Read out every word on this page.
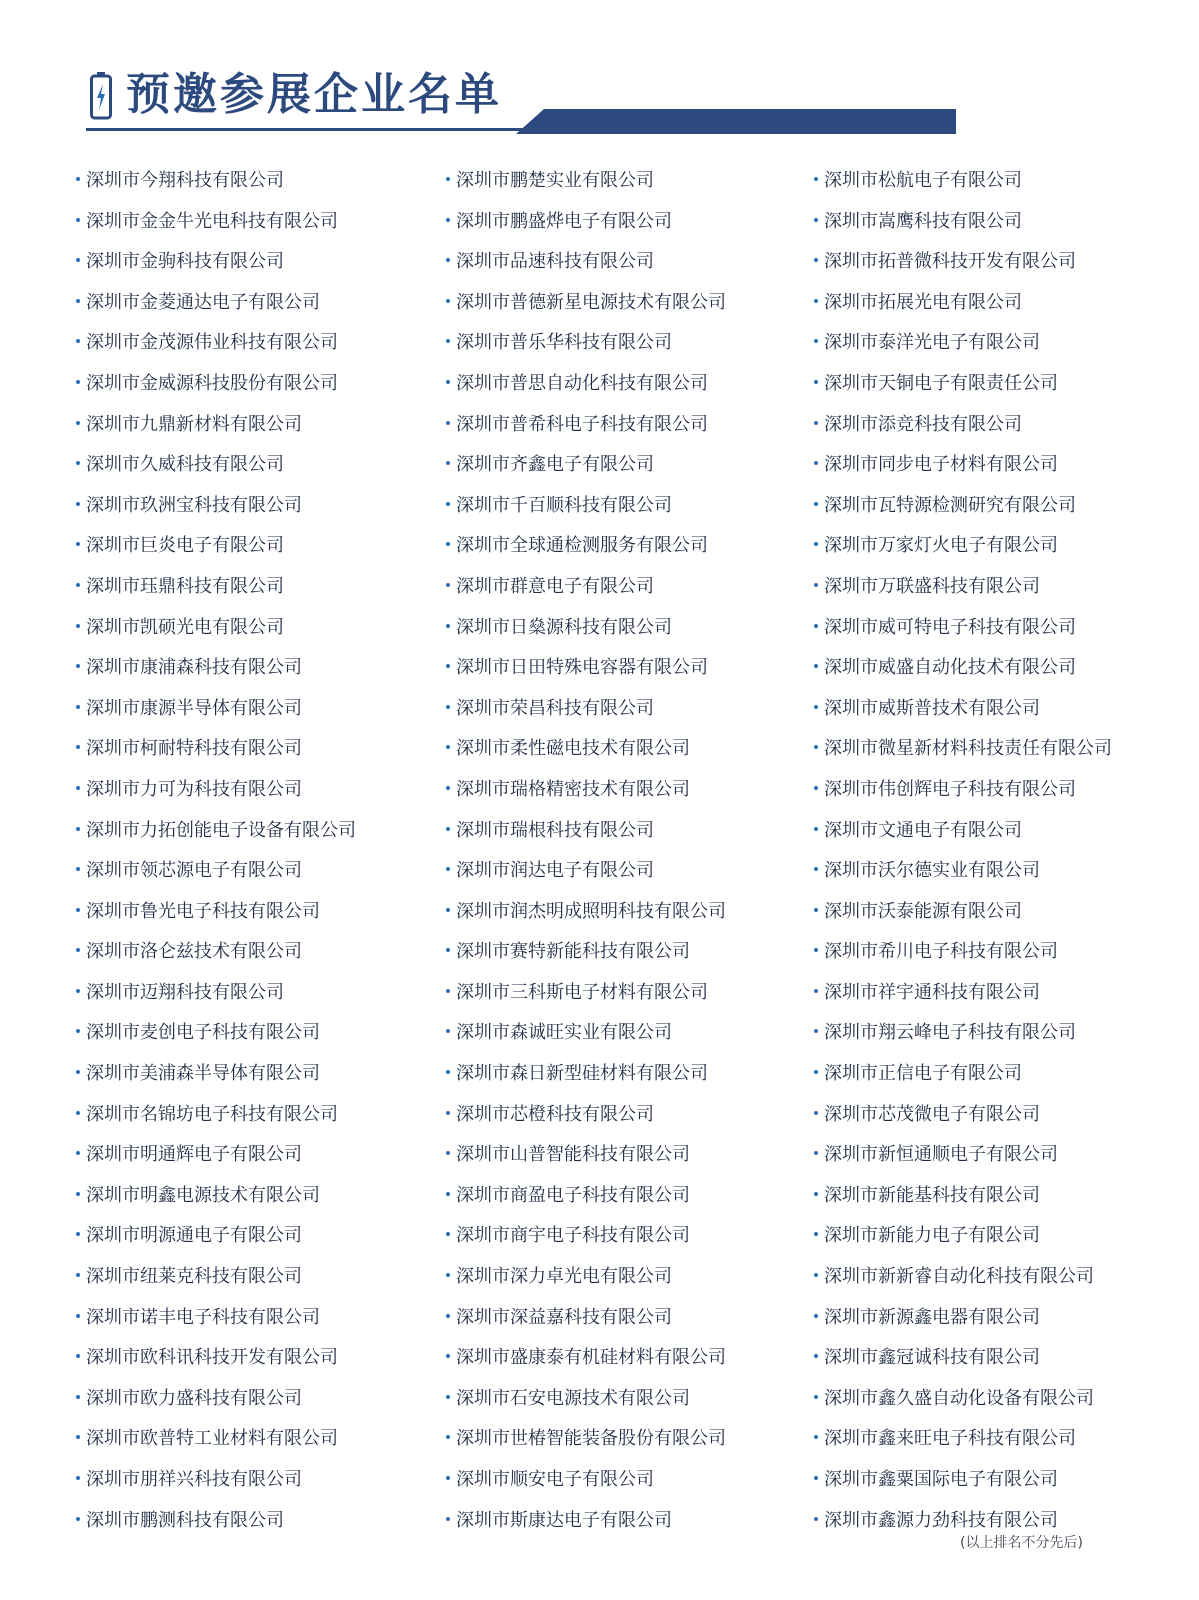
预邀参展企业名单
深圳市今翔科技有限公司
深圳市金金牛光电科技有限公司
深圳市金驹科技有限公司
深圳市金菱通达电子有限公司
深圳市金茂源伟业科技有限公司
深圳市金威源科技股份有限公司
深圳市九鼎新材料有限公司
深圳市久威科技有限公司
深圳市玖洲宝科技有限公司
深圳市巨炎电子有限公司
深圳市珏鼎科技有限公司
深圳市凯硕光电有限公司
深圳市康浦森科技有限公司
深圳市康源半导体有限公司
深圳市柯耐特科技有限公司
深圳市力可为科技有限公司
深圳市力拓创能电子设备有限公司
深圳市领芯源电子有限公司
深圳市鲁光电子科技有限公司
深圳市洛仑兹技术有限公司
深圳市迈翔科技有限公司
深圳市麦创电子科技有限公司
深圳市美浦森半导体有限公司
深圳市名锦坊电子科技有限公司
深圳市明通辉电子有限公司
深圳市明鑫电源技术有限公司
深圳市明源通电子有限公司
深圳市纽莱克科技有限公司
深圳市诺丰电子科技有限公司
深圳市欧科讯科技开发有限公司
深圳市欧力盛科技有限公司
深圳市欧普特工业材料有限公司
深圳市朋祥兴科技有限公司
深圳市鹏测科技有限公司
深圳市鹏楚实业有限公司
深圳市鹏盛烨电子有限公司
深圳市品速科技有限公司
深圳市普德新星电源技术有限公司
深圳市普乐华科技有限公司
深圳市普思自动化科技有限公司
深圳市普希科电子科技有限公司
深圳市齐鑫电子有限公司
深圳市千百顺科技有限公司
深圳市全球通检测服务有限公司
深圳市群意电子有限公司
深圳市日燊源科技有限公司
深圳市日田特殊电容器有限公司
深圳市荣昌科技有限公司
深圳市柔性磁电技术有限公司
深圳市瑞格精密技术有限公司
深圳市瑞根科技有限公司
深圳市润达电子有限公司
深圳市润杰明成照明科技有限公司
深圳市赛特新能科技有限公司
深圳市三科斯电子材料有限公司
深圳市森诚旺实业有限公司
深圳市森日新型硅材料有限公司
深圳市芯橙科技有限公司
深圳市山普智能科技有限公司
深圳市商盈电子科技有限公司
深圳市商宇电子科技有限公司
深圳市深力卓光电有限公司
深圳市深益嘉科技有限公司
深圳市盛康泰有机硅材料有限公司
深圳市石安电源技术有限公司
深圳市世椿智能装备股份有限公司
深圳市顺安电子有限公司
深圳市斯康达电子有限公司
深圳市松航电子有限公司
深圳市嵩鹰科技有限公司
深圳市拓普微科技开发有限公司
深圳市拓展光电有限公司
深圳市泰洋光电子有限公司
深圳市天铜电子有限责任公司
深圳市添竞科技有限公司
深圳市同步电子材料有限公司
深圳市瓦特源检测研究有限公司
深圳市万家灯火电子有限公司
深圳市万联盛科技有限公司
深圳市威可特电子科技有限公司
深圳市威盛自动化技术有限公司
深圳市威斯普技术有限公司
深圳市微星新材料科技责任有限公司
深圳市伟创辉电子科技有限公司
深圳市文通电子有限公司
深圳市沃尔德实业有限公司
深圳市沃泰能源有限公司
深圳市希川电子科技有限公司
深圳市祥宇通科技有限公司
深圳市翔云峰电子科技有限公司
深圳市正信电子有限公司
深圳市芯茂微电子有限公司
深圳市新恒通顺电子有限公司
深圳市新能基科技有限公司
深圳市新能力电子有限公司
深圳市新新睿自动化科技有限公司
深圳市新源鑫电器有限公司
深圳市鑫冠诚科技有限公司
深圳市鑫久盛自动化设备有限公司
深圳市鑫来旺电子科技有限公司
深圳市鑫粟国际电子有限公司
深圳市鑫源力劲科技有限公司
(以上排名不分先后)
